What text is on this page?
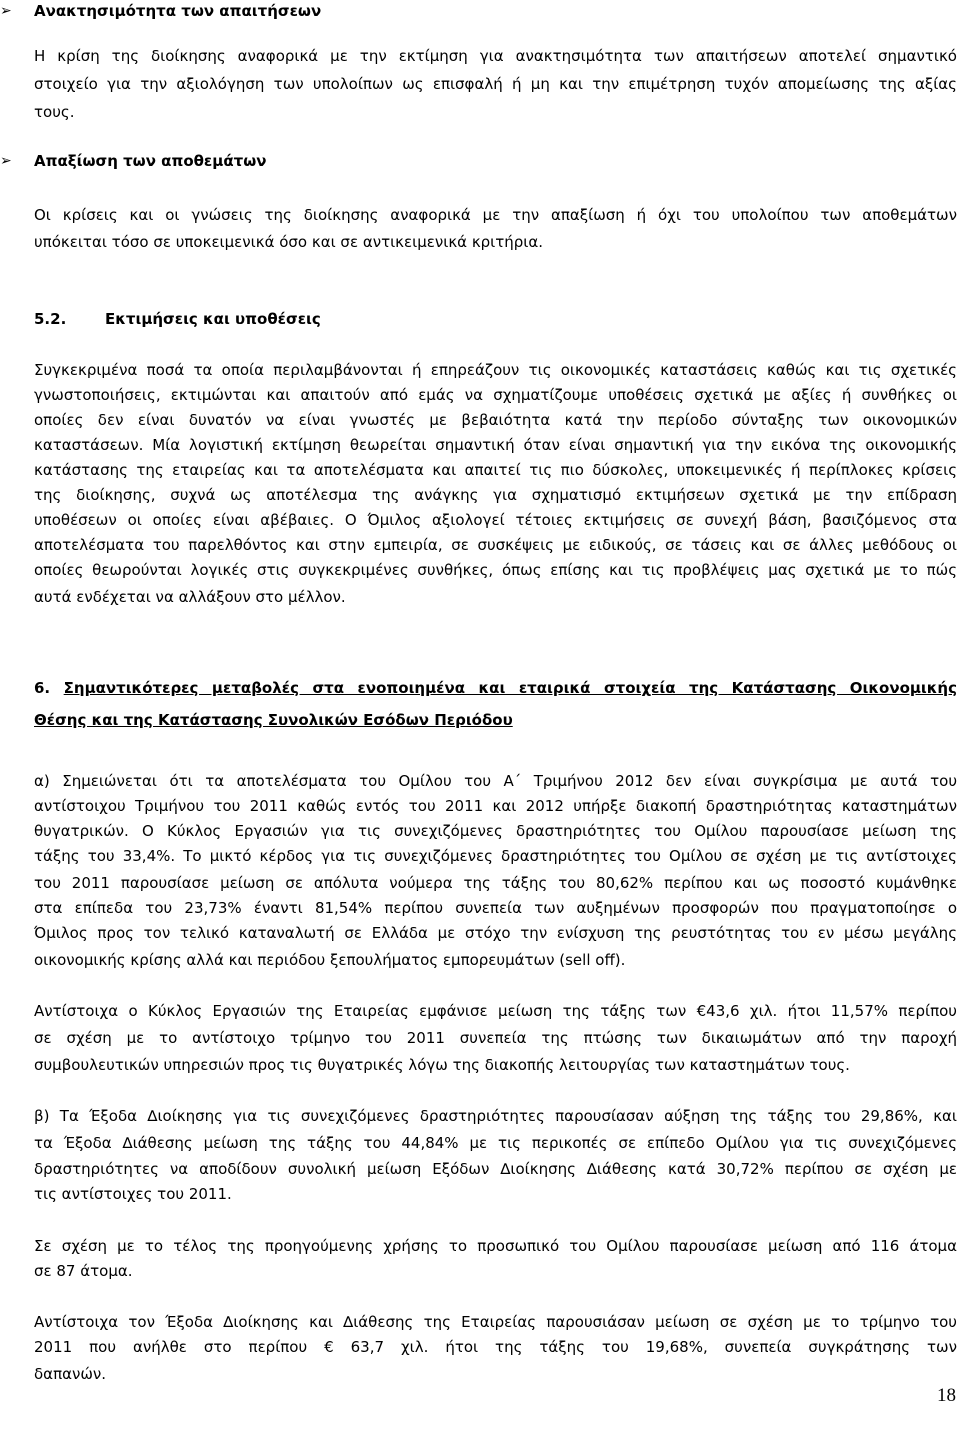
➢ Ανακτησιµότητα των απαιτήσεων
Η κρίση της διοίκησης αναφορικά µε την εκτίµηση για ανακτησιµότητα των απαιτήσεων αποτελεί σηµαντικό
στοιχείο για την αξιολόγηση των υπολοίπων ως επισφαλή ή µη και την επιµέτρηση τυχόν αποµείωσης της αξίας
τους.
➢ Απαξίωση των αποθεµάτων
Οι κρίσεις και οι γνώσεις της διοίκησης αναφορικά µε την απαξίωση ή όχι του υπολοίπου των αποθεµάτων
υπόκειται τόσο σε υποκειµενικά όσο και σε αντικειµενικά κριτήρια.
5.2.	Εκτιµήσεις και υποθέσεις
Συγκεκριµένα ποσά τα οποία περιλαµβάνονται ή επηρεάζουν τις οικονοµικές καταστάσεις καθώς και τις σχετικές
γνωστοποιήσεις, εκτιµώνται και απαιτούν από εµάς να σχηµατίζουµε υποθέσεις σχετικά µε αξίες ή συνθήκες οι
οποίες δεν είναι δυνατόν να είναι γνωστές µε βεβαιότητα κατά την περίοδο σύνταξης των οικονοµικών
καταστάσεων. Μία λογιστική εκτίµηση θεωρείται σηµαντική όταν είναι σηµαντική για την εικόνα της οικονοµικής
κατάστασης της εταιρείας και τα αποτελέσµατα και απαιτεί τις πιο δύσκολες, υποκειµενικές ή περίπλοκες κρίσεις
της διοίκησης, συχνά ως αποτέλεσµα της ανάγκης για σχηµατισµό εκτιµήσεων σχετικά µε την επίδραση
υποθέσεων οι οποίες είναι αβέβαιες. Ο Όµιλος αξιολογεί τέτοιες εκτιµήσεις σε συνεχή βάση, βασιζόµενος στα
αποτελέσµατα του παρελθόντος και στην εµπειρία, σε συσκέψεις µε ειδικούς, σε τάσεις και σε άλλες µεθόδους οι
οποίες θεωρούνται λογικές στις συγκεκριµένες συνθήκες, όπως επίσης και τις προβλέψεις µας σχετικά µε το πώς
αυτά ενδέχεται να αλλάξουν στο µέλλον.
6. Σηµαντικότερες µεταβολές στα ενοποιηµένα και εταιρικά στοιχεία της Κατάστασης Οικονοµικής
Θέσης και της Κατάστασης Συνολικών Εσόδων Περιόδου
α) Σηµειώνεται ότι τα αποτελέσµατα του Οµίλου του Α΄ Τριµήνου 2012 δεν είναι συγκρίσιµα µε αυτά του
αντίστοιχου Τριµήνου του 2011 καθώς εντός του 2011 και 2012 υπήρξε διακοπή δραστηριότητας καταστηµάτων
θυγατρικών. Ο Κύκλος Εργασιών για τις συνεχιζόµενες δραστηριότητες του Οµίλου παρουσίασε µείωση της
τάξης του 33,4%. Το µικτό κέρδος για τις συνεχιζόµενες δραστηριότητες του Οµίλου σε σχέση µε τις αντίστοιχες
του 2011 παρουσίασε µείωση σε απόλυτα νούµερα της τάξης του 80,62% περίπου και ως ποσοστό κυµάνθηκε
στα επίπεδα του 23,73% έναντι 81,54% περίπου συνεπεία των αυξηµένων προσφορών που πραγµατοποίησε ο
Όµιλος προς τον τελικό καταναλωτή σε Ελλάδα µε στόχο την ενίσχυση της ρευστότητας του εν µέσω µεγάλης
οικονοµικής κρίσης αλλά και περιόδου ξεπουλήµατος εµπορευµάτων (sell off).
Αντίστοιχα ο Κύκλος Εργασιών της Εταιρείας εµφάνισε µείωση της τάξης των €43,6 χιλ. ήτοι 11,57% περίπου
σε σχέση µε το αντίστοιχο τρίµηνο του 2011 συνεπεία της πτώσης των δικαιωµάτων από την παροχή
συµβουλευτικών υπηρεσιών προς τις θυγατρικές λόγω της διακοπής λειτουργίας των καταστηµάτων τους.
β) Τα Έξοδα ∆ιοίκησης για τις συνεχιζόµενες δραστηριότητες παρουσίασαν αύξηση της τάξης του 29,86%, και
τα Έξοδα ∆ιάθεσης µείωση της τάξης του 44,84% µε τις περικοπές σε επίπεδο Οµίλου για τις συνεχιζόµενες
δραστηριότητες να αποδίδουν συνολική µείωση Εξόδων ∆ιοίκησης ∆ιάθεσης κατά 30,72% περίπου σε σχέση µε
τις αντίστοιχες του 2011.
Σε σχέση µε το τέλος της προηγούµενης χρήσης το προσωπικό του Οµίλου παρουσίασε µείωση από 116 άτοµα
σε 87 άτοµα.
Αντίστοιχα τον Έξοδα ∆ιοίκησης και ∆ιάθεσης της Εταιρείας παρουσιάσαν µείωση σε σχέση µε το τρίµηνο του
2011 που ανήλθε στο περίπου € 63,7 χιλ. ήτοι της τάξης του 19,68%, συνεπεία συγκράτησης των
δαπανών.
18
